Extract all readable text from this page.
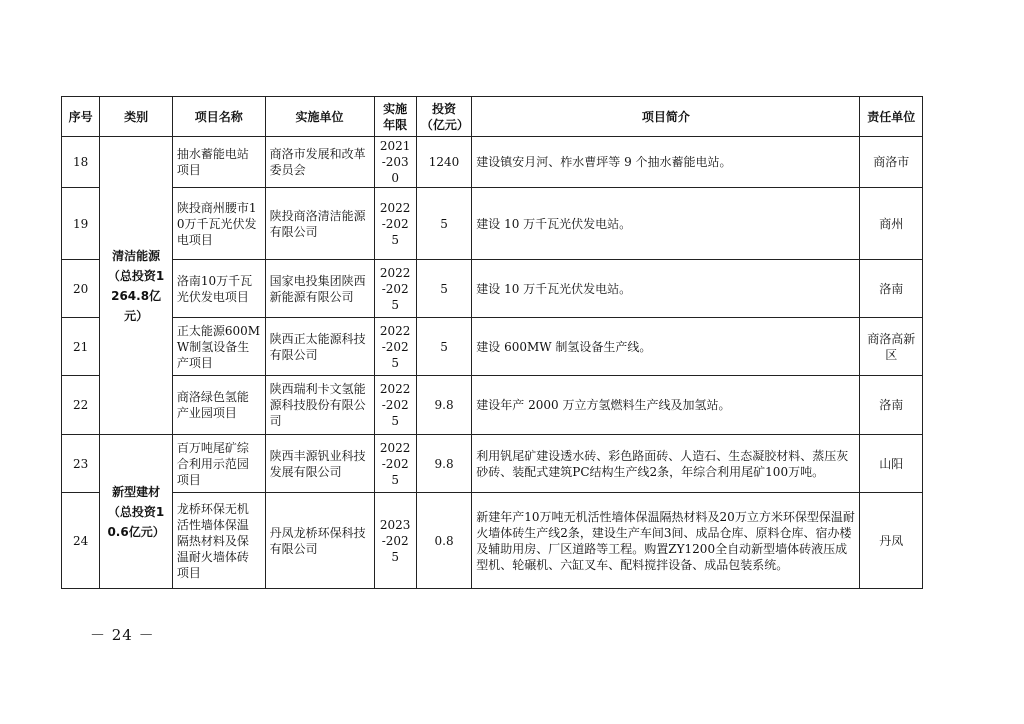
序号	类别	项目名称	实施单位	实施年限	投资（亿元）	项目简介	责任单位
18	清洁能源（总投资1264.8亿元）	抽水蓄能电站项目	商洛市发展和改革委员会	2021-2030	1240	建设镇安月河、柞水曹坪等 9 个抽水蓄能电站。	商洛市
19		陕投商州腰市10万千瓦光伏发电项目	陕投商洛清洁能源有限公司	2022-2025	5	建设 10 万千瓦光伏发电站。	商州
20		洛南10万千瓦光伏发电项目	国家电投集团陕西新能源有限公司	2022-2025	5	建设 10 万千瓦光伏发电站。	洛南
21		正太能源600MW制氢设备生产项目	陕西正太能源科技有限公司	2022-2025	5	建设 600MW 制氢设备生产线。	商洛高新区
22		商洛绿色氢能产业园项目	陕西瑞利卡文氢能源科技股份有限公司	2022-2025	9.8	建设年产 2000 万立方氢燃料生产线及加氢站。	洛南
23	新型建材（总投资10.6亿元）	百万吨尾矿综合利用示范园项目	陕西丰源钒业科技发展有限公司	2022-2025	9.8	利用钒尾矿建设透水砖、彩色路面砖、人造石、生态凝胶材料、蒸压灰砂砖、装配式建筑PC结构生产线2条，年综合利用尾矿100万吨。	山阳
24		龙桥环保无机活性墙体保温隔热材料及保温耐火墙体砖项目	丹凤龙桥环保科技有限公司	2023-2025	0.8	新建年产10万吨无机活性墙体保温隔热材料及20万立方米环保型保温耐火墙体砖生产线2条，建设生产车间3间、成品仓库、原料仓库、宿办楼及辅助用房、厂区道路等工程。购置ZY1200全自动新型墙体砖液压成型机、轮碾机、六缸叉车、配料搅拌设备、成品包装系统。	丹凤
－ 24 －
